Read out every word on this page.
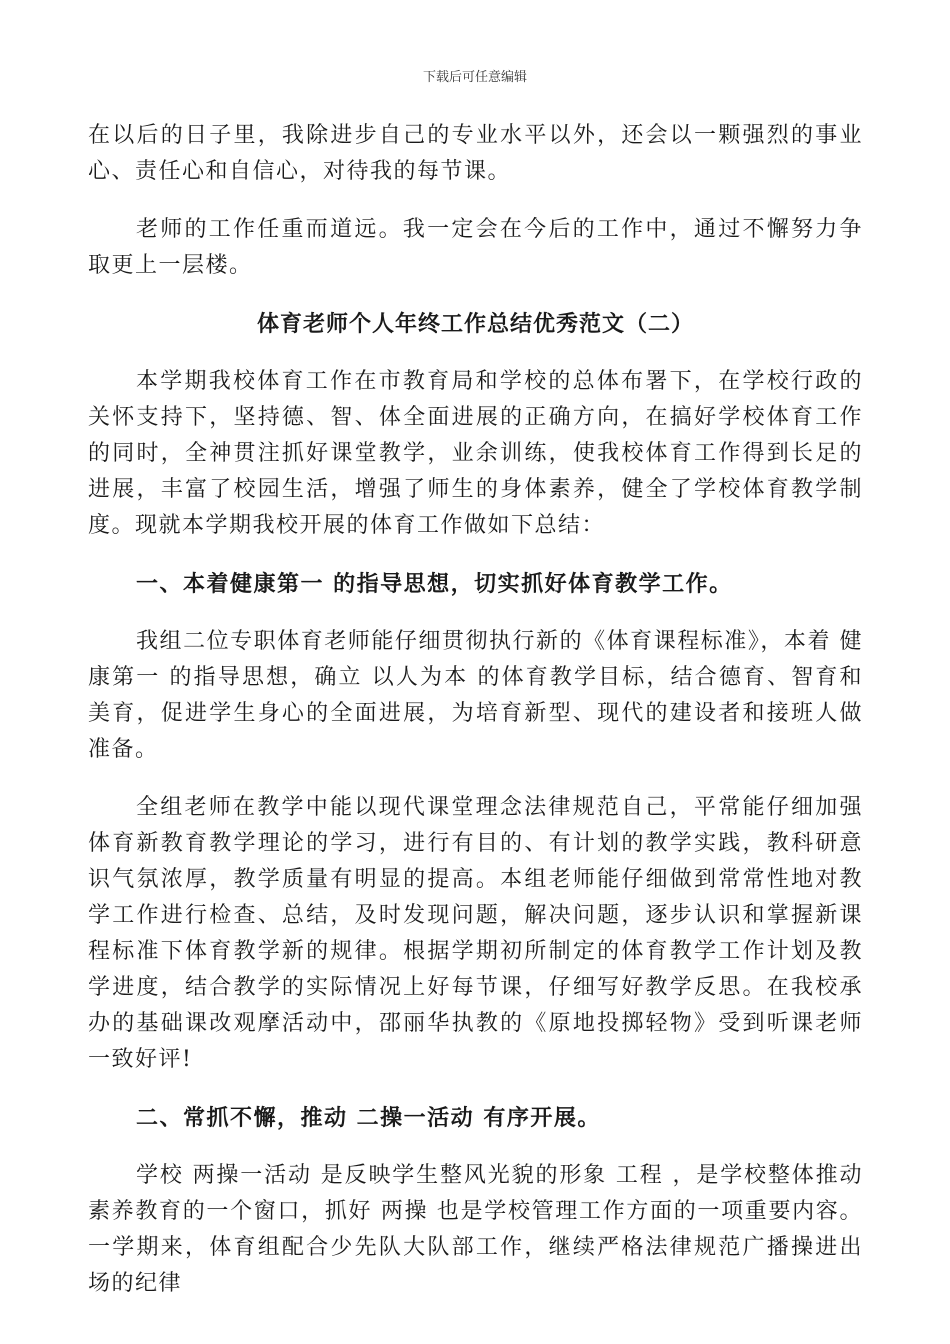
下载后可任意编辑

在以后的日子里，我除进步自己的专业水平以外，还会以一颗强烈的事业心、责任心和自信心，对待我的每节课。

老师的工作任重而道远。我一定会在今后的工作中，通过不懈努力争取更上一层楼。

体育老师个人年终工作总结优秀范文（二）

本学期我校体育工作在市教育局和学校的总体布署下，在学校行政的关怀支持下，坚持德、智、体全面进展的正确方向，在搞好学校体育工作的同时，全神贯注抓好课堂教学，业余训练，使我校体育工作得到长足的进展，丰富了校园生活，增强了师生的身体素养，健全了学校体育教学制度。现就本学期我校开展的体育工作做如下总结：

一、本着健康第一 的指导思想，切实抓好体育教学工作。

我组二位专职体育老师能仔细贯彻执行新的《体育课程标准》，本着 健康第一 的指导思想，确立 以人为本 的体育教学目标，结合德育、智育和美育，促进学生身心的全面进展，为培育新型、现代的建设者和接班人做准备。

全组老师在教学中能以现代课堂理念法律规范自己，平常能仔细加强体育新教育教学理论的学习，进行有目的、有计划的教学实践，教科研意识气氛浓厚，教学质量有明显的提高。本组老师能仔细做到常常性地对教学工作进行检查、总结，及时发现问题，解决问题，逐步认识和掌握新课程标准下体育教学新的规律。根据学期初所制定的体育教学工作计划及教学进度，结合教学的实际情况上好每节课，仔细写好教学反思。在我校承办的基础课改观摩活动中，邵丽华执教的《原地投掷轻物》受到听课老师一致好评!

二、常抓不懈，推动 二操一活动 有序开展。

学校 两操一活动 是反映学生整风光貌的形象 工程 ，是学校整体推动素养教育的一个窗口，抓好 两操 也是学校管理工作方面的一项重要内容。一学期来，体育组配合少先队大队部工作，继续严格法律规范广播操进出场的纪律
